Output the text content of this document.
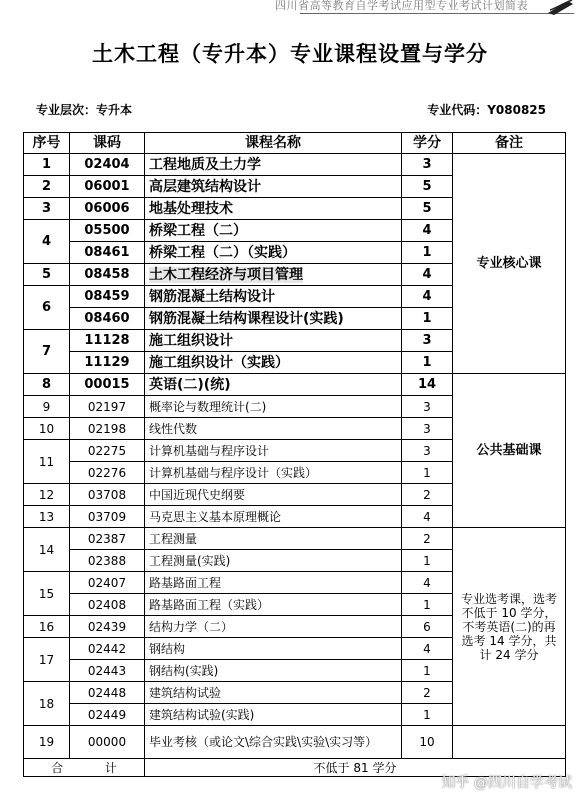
四川省高等教育自学考试应用型专业考试计划简表
土木工程（专升本）专业课程设置与学分
专业层次：专升本	专业代码：Y080825
序号	课码	课程名称	学分	备注
1	02404	工程地质及土力学	3	专业核心课
2	06001	高层建筑结构设计	5	
3	06006	地基处理技术	5	
4	05500	桥梁工程（二）	4	
	08461	桥梁工程（二）（实践）	1	
5	08458	土木工程经济与项目管理	4	
6	08459	钢筋混凝土结构设计	4	
	08460	钢筋混凝土结构课程设计(实践)	1	
7	11128	施工组织设计	3	
	11129	施工组织设计（实践）	1	
8	00015	英语(二)(统)	14	公共基础课
9	02197	概率论与数理统计(二)	3	
10	02198	线性代数	3	
11	02275	计算机基础与程序设计	3	
	02276	计算机基础与程序设计（实践）	1	
12	03708	中国近现代史纲要	2	
13	03709	马克思主义基本原理概论	4	
14	02387	工程测量	2	专业选考课，选考不低于 10 学分，不考英语(二)的再选考 14 学分，共计 24 学分
	02388	工程测量(实践)	1	
15	02407	路基路面工程	4	
	02408	路基路面工程（实践）	1	
16	02439	结构力学（二）	6	
17	02442	钢结构	4	
	02443	钢结构(实践)	1	
18	02448	建筑结构试验	2	
	02449	建筑结构试验(实践)	1	
19	00000	毕业考核（或论文\综合实践\实验\实习等）	10	
合 计		不低于 81 学分		
知乎 @四川自学考试
